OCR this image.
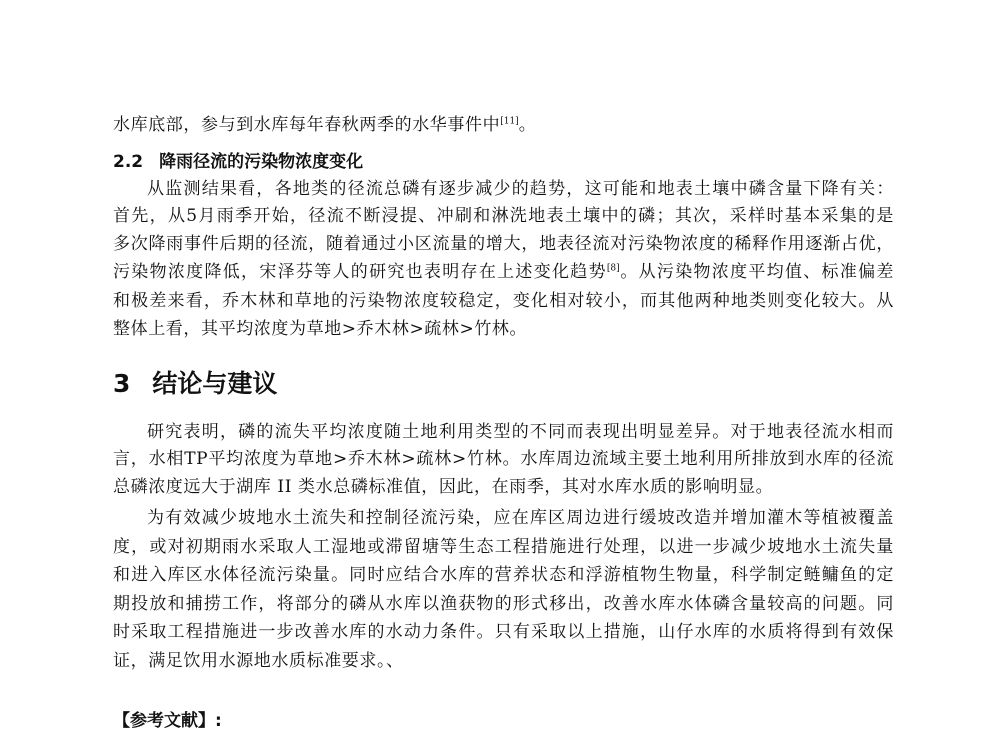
水库底部，参与到水库每年春秋两季的水华事件中[11]。
2.2 降雨径流的污染物浓度变化
从监测结果看，各地类的径流总磷有逐步减少的趋势，这可能和地表土壤中磷含量下降有关：
首先，从5月雨季开始，径流不断浸提、冲刷和淋洗地表土壤中的磷；其次，采样时基本采集的是
多次降雨事件后期的径流，随着通过小区流量的增大，地表径流对污染物浓度的稀释作用逐渐占优，
污染物浓度降低，宋泽芬等人的研究也表明存在上述变化趋势[8]。从污染物浓度平均值、标准偏差
和极差来看，乔木林和草地的污染物浓度较稳定，变化相对较小，而其他两种地类则变化较大。从
整体上看，其平均浓度为草地>乔木林>疏林>竹林。
3 结论与建议
研究表明，磷的流失平均浓度随土地利用类型的不同而表现出明显差异。对于地表径流水相而
言，水相TP平均浓度为草地>乔木林>疏林>竹林。水库周边流域主要土地利用所排放到水库的径流
总磷浓度远大于湖库 II 类水总磷标准值，因此，在雨季，其对水库水质的影响明显。
为有效减少坡地水土流失和控制径流污染，应在库区周边进行缓坡改造并增加灌木等植被覆盖
度，或对初期雨水采取人工湿地或滞留塘等生态工程措施进行处理，以进一步减少坡地水土流失量
和进入库区水体径流污染量。同时应结合水库的营养状态和浮游植物生物量，科学制定鲢鳙鱼的定
期投放和捕捞工作，将部分的磷从水库以渔获物的形式移出，改善水库水体磷含量较高的问题。同
时采取工程措施进一步改善水库的水动力条件。只有采取以上措施，山仔水库的水质将得到有效保
证，满足饮用水源地水质标准要求。、
【参考文献】:
